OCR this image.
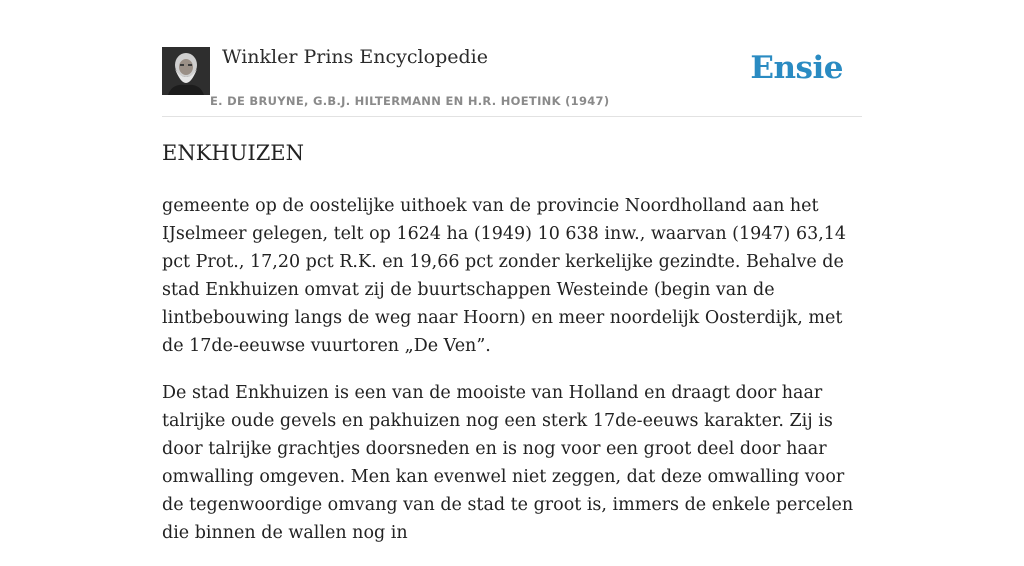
Winkler Prins Encyclopedie
E. DE BRUYNE, G.B.J. HILTERMANN EN H.R. HOETINK (1947)
Ensie
ENKHUIZEN

gemeente op de oostelijke uithoek van de provincie Noordholland aan het IJselmeer gelegen, telt op 1624 ha (1949) 10 638 inw., waarvan (1947) 63,14 pct Prot., 17,20 pct R.K. en 19,66 pct zonder kerkelijke gezindte. Behalve de stad Enkhuizen omvat zij de buurtschappen Westeinde (begin van de lintbebouwing langs de weg naar Hoorn) en meer noordelijk Oosterdijk, met de 17de-eeuwse vuurtoren „De Ven”.

De stad Enkhuizen is een van de mooiste van Holland en draagt door haar talrijke oude gevels en pakhuizen nog een sterk 17de-eeuws karakter. Zij is door talrijke grachtjes doorsneden en is nog voor een groot deel door haar omwalling omgeven. Men kan evenwel niet zeggen, dat deze omwalling voor de tegenwoordige omvang van de stad te groot is, immers de enkele percelen die binnen de wallen nog in
